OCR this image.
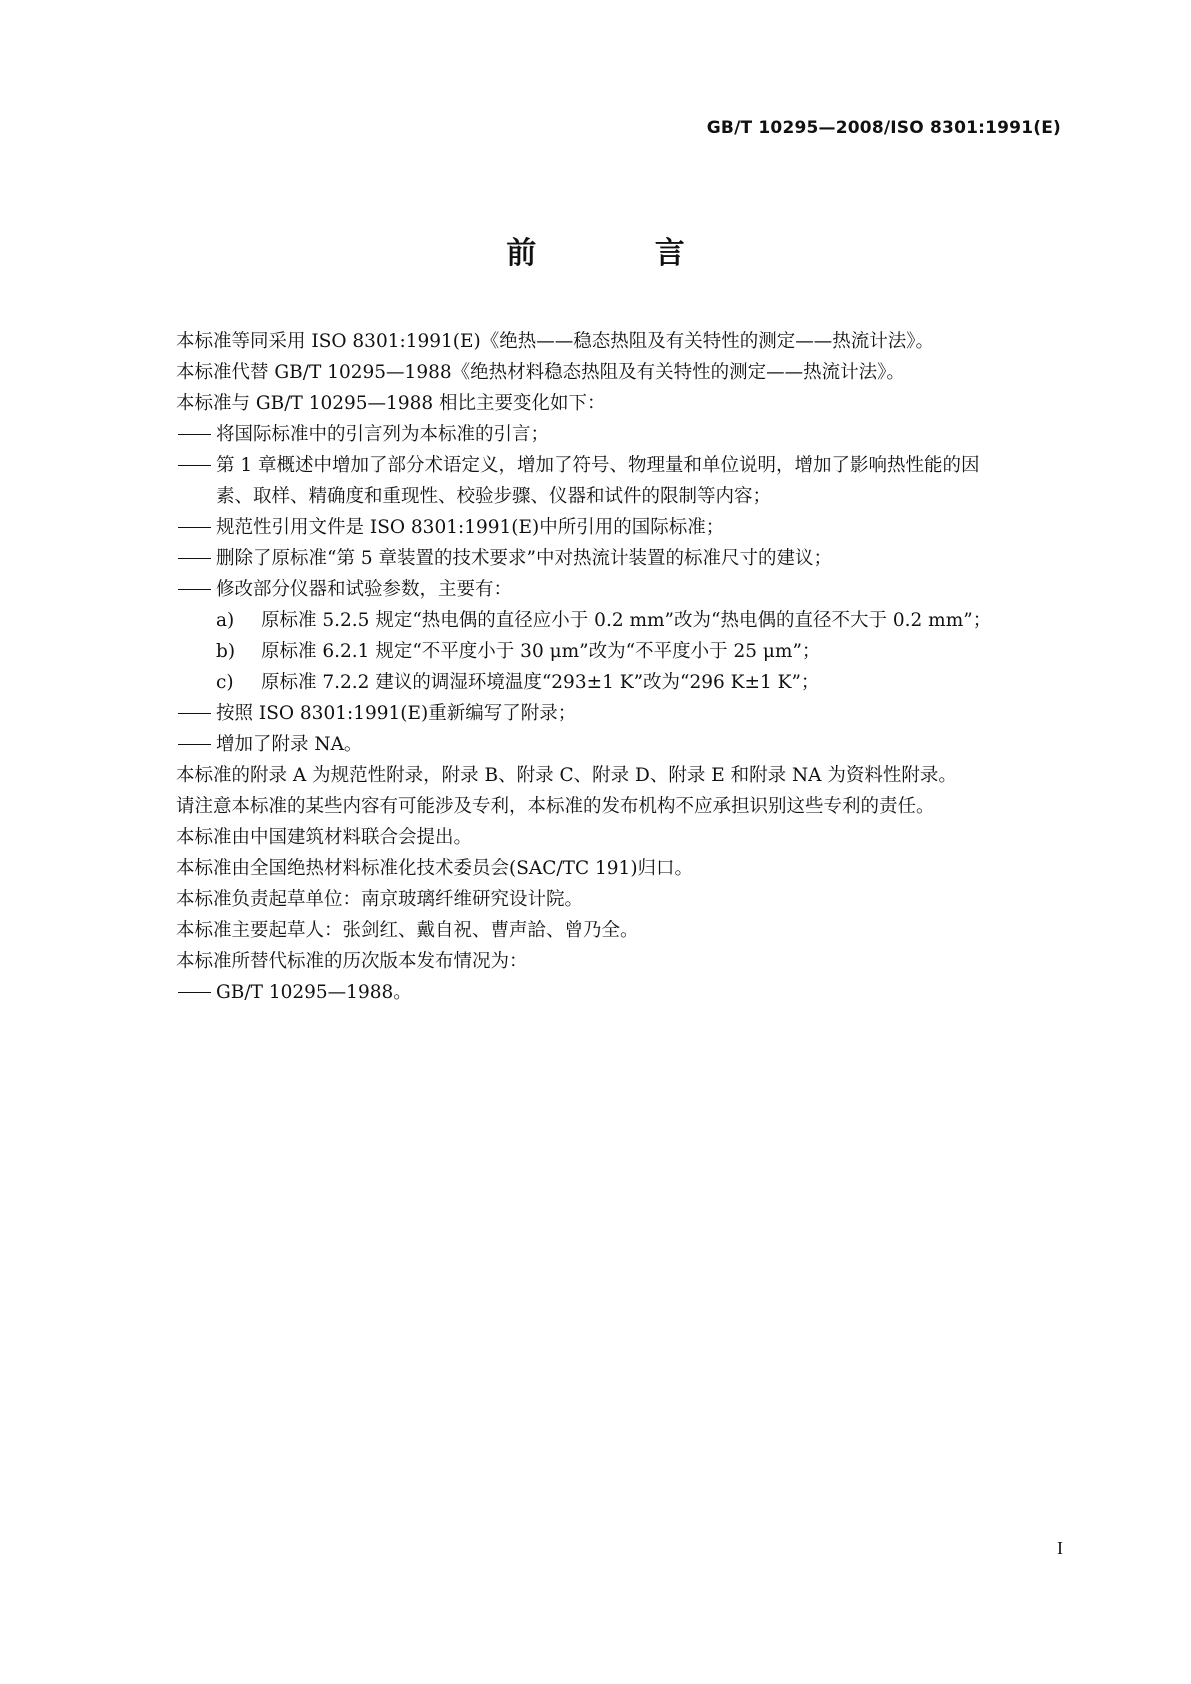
GB/T 10295—2008/ISO 8301:1991(E)
前 言
本标准等同采用 ISO 8301:1991(E)《绝热——稳态热阻及有关特性的测定——热流计法》。
本标准代替 GB/T 10295—1988《绝热材料稳态热阻及有关特性的测定——热流计法》。
本标准与 GB/T 10295—1988 相比主要变化如下：
将国际标准中的引言列为本标准的引言；
第 1 章概述中增加了部分术语定义，增加了符号、物理量和单位说明，增加了影响热性能的因
素、取样、精确度和重现性、校验步骤、仪器和试件的限制等内容；
规范性引用文件是 ISO 8301:1991(E)中所引用的国际标准；
删除了原标准“第 5 章装置的技术要求”中对热流计装置的标准尺寸的建议；
修改部分仪器和试验参数，主要有：
a) 原标准 5.2.5 规定“热电偶的直径应小于 0.2 mm”改为“热电偶的直径不大于 0.2 mm”；
b) 原标准 6.2.1 规定“不平度小于 30 μm”改为“不平度小于 25 μm”；
c) 原标准 7.2.2 建议的调湿环境温度“293±1 K”改为“296 K±1 K”；
按照 ISO 8301:1991(E)重新编写了附录；
增加了附录 NA。
本标准的附录 A 为规范性附录，附录 B、附录 C、附录 D、附录 E 和附录 NA 为资料性附录。
请注意本标准的某些内容有可能涉及专利，本标准的发布机构不应承担识别这些专利的责任。
本标准由中国建筑材料联合会提出。
本标准由全国绝热材料标准化技术委员会(SAC/TC 191)归口。
本标准负责起草单位：南京玻璃纤维研究设计院。
本标准主要起草人：张剑红、戴自祝、曹声詥、曾乃全。
本标准所替代标准的历次版本发布情况为：
GB/T 10295—1988。
I
